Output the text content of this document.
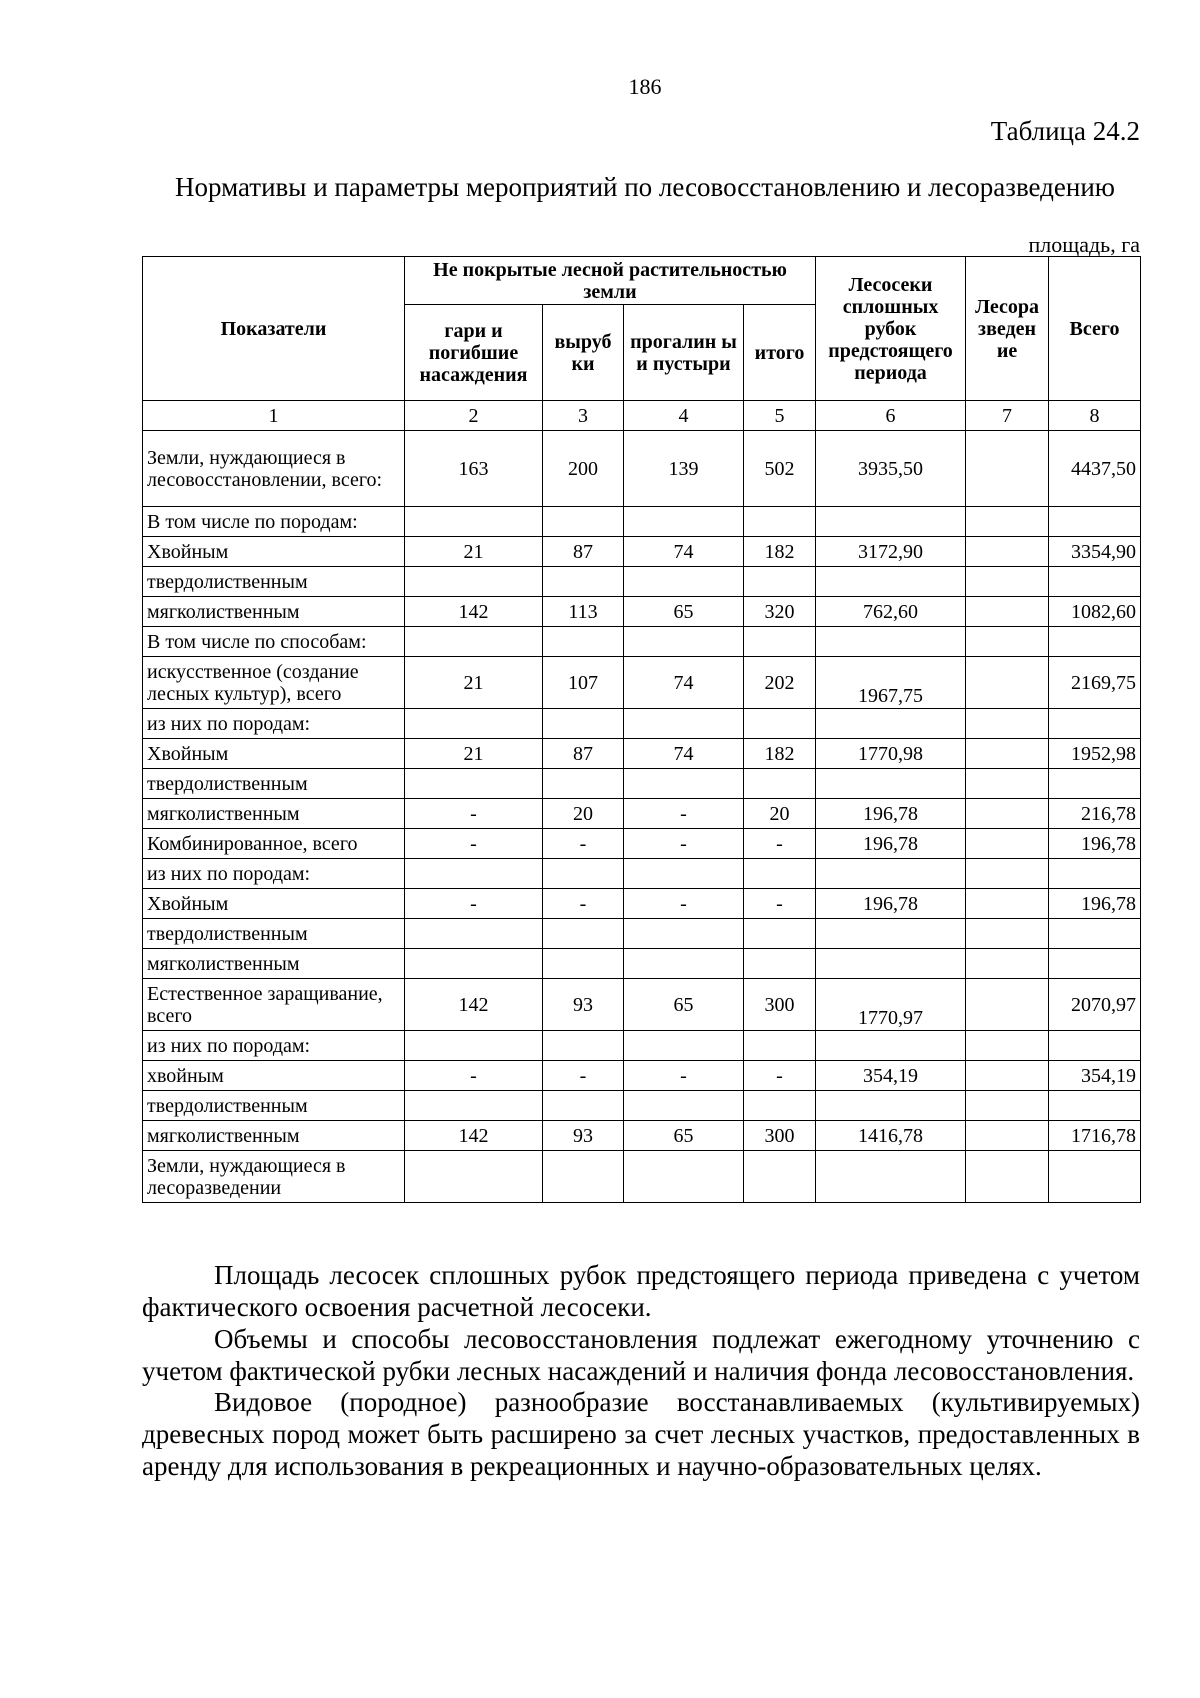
186
Таблица 24.2
Нормативы и параметры мероприятий по лесовосстановлению и лесоразведению
площадь, га
Показатели	Не покрытые лесной растительностью земли				Лесосеки сплошных рубок предстоящего периода	Лесора зведен ие	Всего
	гари и погибшие насаждения	выруб ки	прогалин ы и пустыри	итого			
1	2	3	4	5	6	7	8
Земли, нуждающиеся в лесовосстановлении, всего:	163	200	139	502	3935,50		4437,50
В том числе по породам:							
Хвойным	21	87	74	182	3172,90		3354,90
твердолиственным							
мягколиственным	142	113	65	320	762,60		1082,60
В том числе по способам:							
искусственное (создание лесных культур), всего	21	107	74	202	1967,75		2169,75
из них по породам:							
Хвойным	21	87	74	182	1770,98		1952,98
твердолиственным							
мягколиственным	-	20	-	20	196,78		216,78
Комбинированное, всего	-	-	-	-	196,78		196,78
из них по породам:							
Хвойным	-	-	-	-	196,78		196,78
твердолиственным							
мягколиственным							
Естественное заращивание, всего	142	93	65	300	1770,97		2070,97
из них по породам:							
хвойным	-	-	-	-	354,19		354,19
твердолиственным							
мягколиственным	142	93	65	300	1416,78		1716,78
Земли, нуждающиеся в лесоразведении							

Площадь лесосек сплошных рубок предстоящего периода приведена с учетом фактического освоения расчетной лесосеки.

Объемы и способы лесовосстановления подлежат ежегодному уточнению с учетом фактической рубки лесных насаждений и наличия фонда лесовосстановления.

Видовое (породное) разнообразие восстанавливаемых (культивируемых) древесных пород может быть расширено за счет лесных участков, предоставленных в аренду для использования в рекреационных и научно-образовательных целях.
